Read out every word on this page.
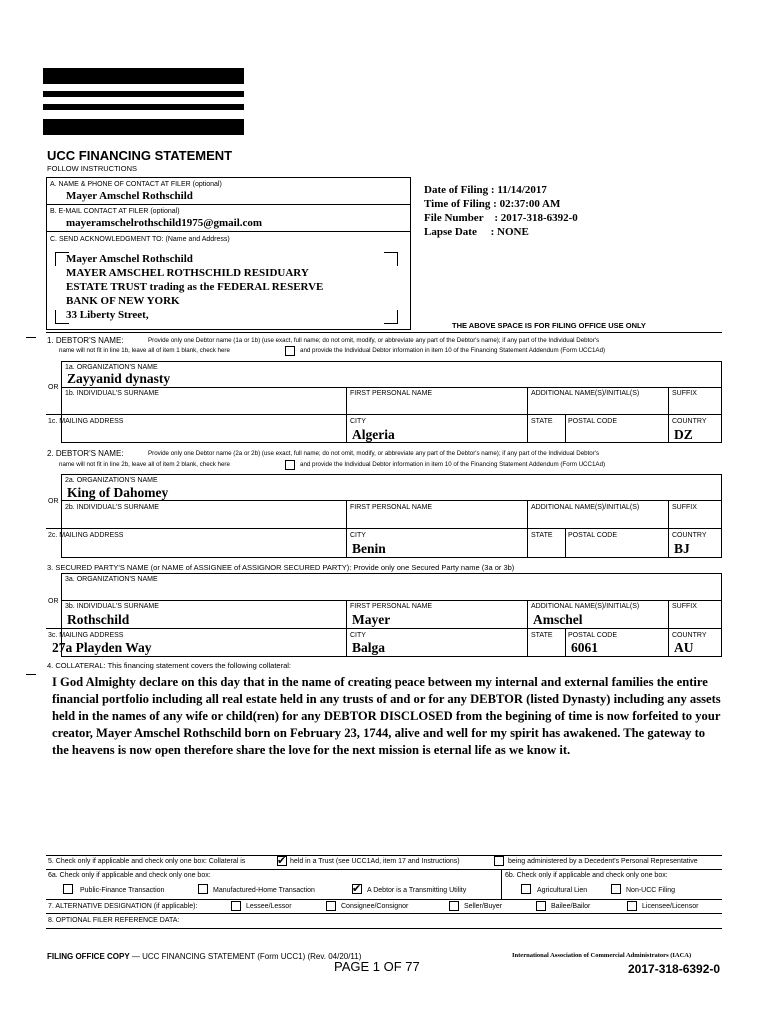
UCC FINANCING STATEMENT
FOLLOW INSTRUCTIONS
A. NAME & PHONE OF CONTACT AT FILER (optional)
Mayer Amschel Rothschild
B. E-MAIL CONTACT AT FILER (optional)
mayeramschelrothschild1975@gmail.com
C. SEND ACKNOWLEDGMENT TO: (Name and Address)
Mayer Amschel Rothschild
MAYER AMSCHEL ROTHSCHILD RESIDUARY
ESTATE TRUST trading as the FEDERAL RESERVE
BANK OF NEW YORK
33 Liberty Street,
Date of Filing : 11/14/2017
Time of Filing : 02:37:00 AM
File Number    : 2017-318-6392-0
Lapse Date     : NONE
THE ABOVE SPACE IS FOR FILING OFFICE USE ONLY
1. DEBTOR'S NAME:	Provide only one Debtor name (1a or 1b) (use exact, full name; do not omit, modify, or abbreviate any part of the Debtor's name); if any part of the Individual Debtor's
name will not fit in line 1b, leave all of item 1 blank, check here	and provide the Individual Debtor information in item 10 of the Financing Statement Addendum (Form UCC1Ad)
OR
1a. ORGANIZATION'S NAME
Zayyanid dynasty
1b. INDIVIDUAL'S SURNAME	FIRST PERSONAL NAME	ADDITIONAL NAME(S)/INITIAL(S)	SUFFIX
1c. MAILING ADDRESS	CITY	STATE POSTAL CODE	COUNTRY
Algeria	DZ
2. DEBTOR'S NAME:	Provide only one Debtor name (2a or 2b) (use exact, full name; do not omit, modify, or abbreviate any part of the Debtor's name); if any part of the Individual Debtor's
name will not fit in line 2b, leave all of item 2 blank, check here	and provide the Individual Debtor information in item 10 of the Financing Statement Addendum (Form UCC1Ad)
OR
2a. ORGANIZATION'S NAME
King of Dahomey
2b. INDIVIDUAL'S SURNAME	FIRST PERSONAL NAME	ADDITIONAL NAME(S)/INITIAL(S)	SUFFIX
2c. MAILING ADDRESS	CITY	STATE POSTAL CODE	COUNTRY
Benin	BJ
3. SECURED PARTY'S NAME (or NAME of ASSIGNEE of ASSIGNOR SECURED PARTY): Provide only one Secured Party name (3a or 3b)
OR
3a. ORGANIZATION'S NAME
3b. INDIVIDUAL'S SURNAME	FIRST PERSONAL NAME	ADDITIONAL NAME(S)/INITIAL(S)	SUFFIX
Rothschild	Mayer	Amschel
3c. MAILING ADDRESS	CITY	STATE POSTAL CODE	COUNTRY
27a Playden Way	Balga	6061	AU
4. COLLATERAL: This financing statement covers the following collateral:
I God Almighty declare on this day that in the name of creating peace between my internal and external families the entire financial portfolio including all real estate held in any trusts of and or for any DEBTOR (listed Dynasty) including any assets held in the names of any wife or child(ren) for any DEBTOR DISCLOSED from the begining of time is now forfeited to your creator, Mayer Amschel Rothschild born on February 23, 1744, alive and well for my spirit has awakened. The gateway to the heavens is now open therefore share the love for the next mission is eternal life as we know it.
5. Check only if applicable and check only one box: Collateral is	✔ held in a Trust (see UCC1Ad, item 17 and Instructions)	being administered by a Decedent's Personal Representative
6a. Check only if applicable and check only one box:
Public-Finance Transaction	Manufactured-Home Transaction	✔ A Debtor is a Transmitting Utility
6b. Check only if applicable and check only one box:
Agricultural Lien	Non-UCC Filing
7. ALTERNATIVE DESIGNATION (if applicable):	Lessee/Lessor	Consignee/Consignor	Seller/Buyer	Bailee/Bailor	Licensee/Licensor
8. OPTIONAL FILER REFERENCE DATA:
FILING OFFICE COPY — UCC FINANCING STATEMENT (Form UCC1) (Rev. 04/20/11)
PAGE 1 OF 77
International Association of Commercial Administrators (IACA)
2017-318-6392-0
